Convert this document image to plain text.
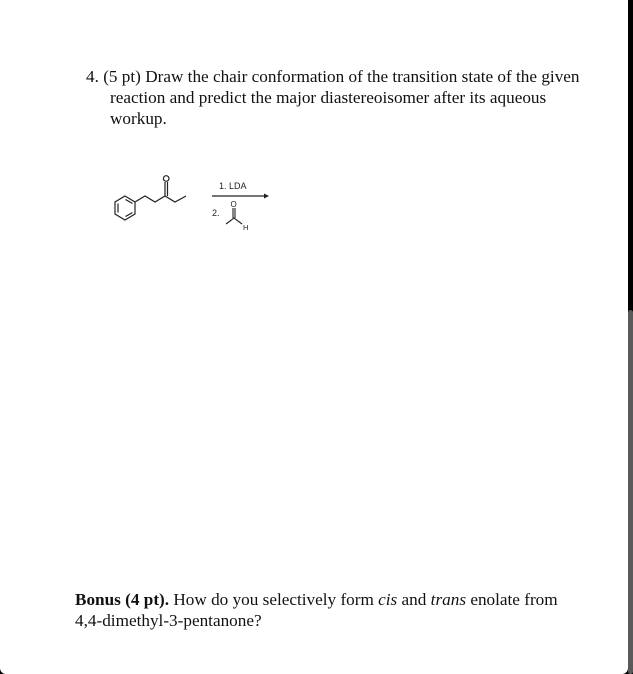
4. (5 pt) Draw the chair conformation of the transition state of the given reaction and predict the major diastereoisomer after its aqueous workup.
1. LDA
2.
O
H
Bonus (4 pt). How do you selectively form cis and trans enolate from 4,4-dimethyl-3-pentanone?
